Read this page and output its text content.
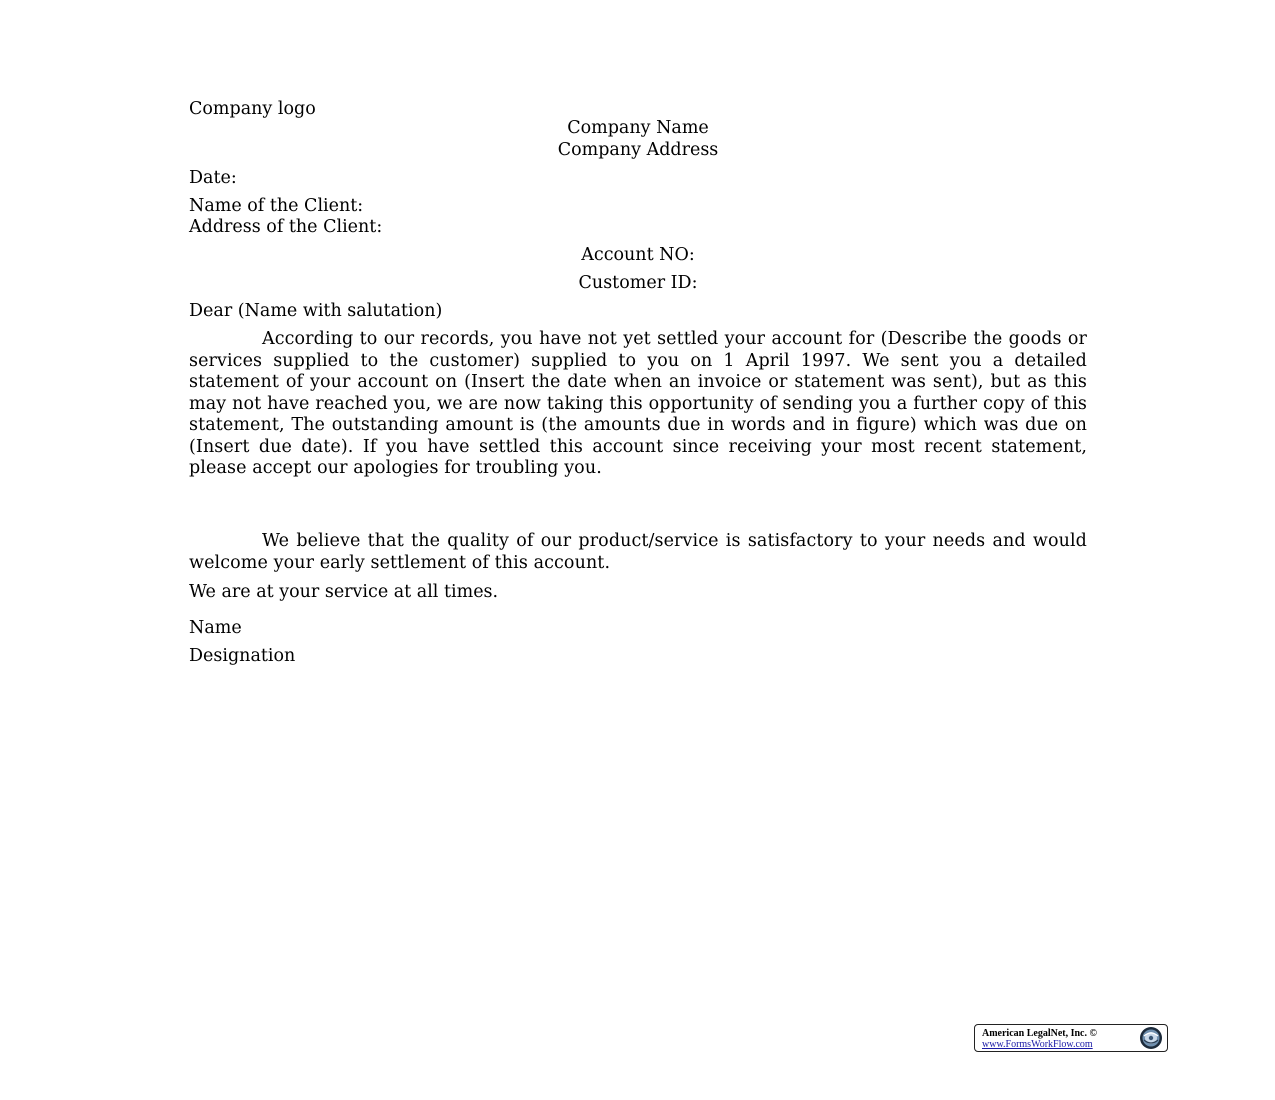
Company logo
Company Name
Company Address
Date:
Name of the Client:
Address of the Client:
Account NO:
Customer ID:
Dear (Name with salutation)
According to our records, you have not yet settled your account for (Describe the goods or services supplied to the customer) supplied to you on 1 April 1997. We sent you a detailed statement of your account on (Insert the date when an invoice or statement was sent), but as this may not have reached you, we are now taking this opportunity of sending you a further copy of this statement, The outstanding amount is (the amounts due in words and in figure) which was due on (Insert due date). If you have settled this account since receiving your most recent statement, please accept our apologies for troubling you.
We believe that the quality of our product/service is satisfactory to your needs and would welcome your early settlement of this account.
We are at your service at all times.
Name
Designation
American LegalNet, Inc. ©
www.FormsWorkFlow.com
